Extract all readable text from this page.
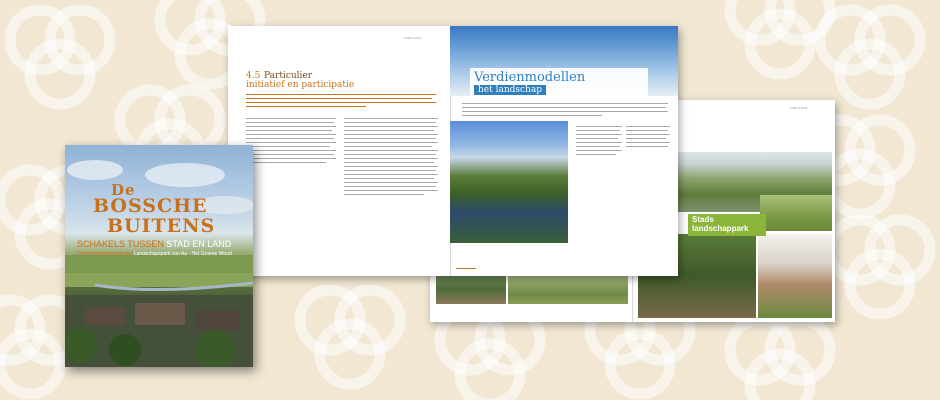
PUBLICATIE
Stads
landschappark
PUBLICATIE
4.5 Particulier
initiatief en participatie	Verdienmodellen
het landschap
De
BOSSCHE
BUITENS
SCHAKELS TUSSEN STAD EN LAND
Ontwikkelingsperspectief Landschapspark van Aa - Het Groene Woud
